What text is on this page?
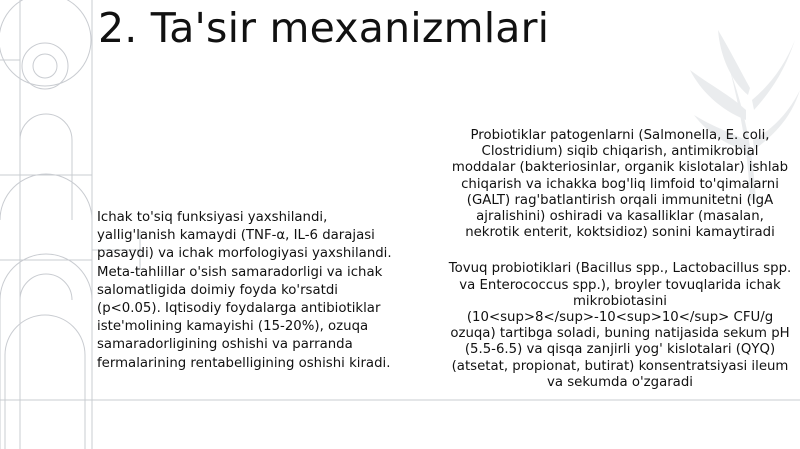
2. Ta'sir mexanizmlari
Ichak to'siq funksiyasi yaxshilandi, yallig'lanish kamaydi (TNF-α, IL-6 darajasi pasaydi) va ichak morfologiyasi yaxshilandi. Meta-tahlillar o'sish samaradorligi va ichak salomatligida doimiy foyda ko'rsatdi (p<0.05). Iqtisodiy foydalarga antibiotiklar iste'molining kamayishi (15-20%), ozuqa samaradorligining oshishi va parranda fermalarining rentabelligining oshishi kiradi.

Probiotiklar patogenlarni (Salmonella, E. coli, Clostridium) siqib chiqarish, antimikrobial moddalar (bakteriosinlar, organik kislotalar) ishlab chiqarish va ichakka bog'liq limfoid to'qimalarni (GALT) rag'batlantirish orqali immunitetni (IgA ajralishini) oshiradi va kasalliklar (masalan, nekrotik enterit, koktsidioz) sonini kamaytiradi

Tovuq probiotiklari (Bacillus spp., Lactobacillus spp. va Enterococcus spp.), broyler tovuqlarida ichak mikrobiotasini (10<sup>8</sup>-10<sup>10</sup> CFU/g ozuqa) tartibga soladi, buning natijasida sekum pH (5.5-6.5) va qisqa zanjirli yog' kislotalari (QYQ) (atsetat, propionat, butirat) konsentratsiyasi ileum va sekumda o'zgaradi
